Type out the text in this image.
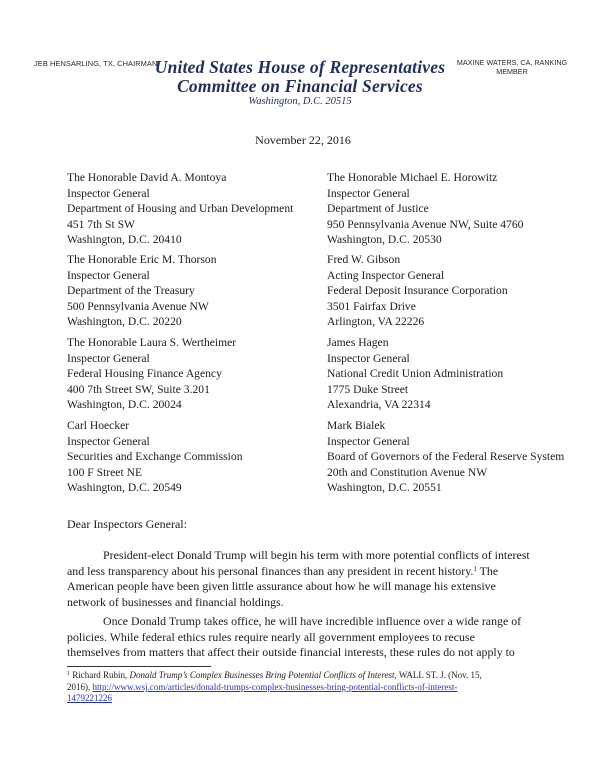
JEB HENSARLING, TX, CHAIRMAN	MAXINE WATERS, CA, RANKING
MEMBER
United States House of Representatives
Committee on Financial Services
Washington, D.C. 20515
November 22, 2016
The Honorable David A. Montoya
Inspector General
Department of Housing and Urban Development
451 7th St SW
Washington, D.C. 20410
The Honorable Michael E. Horowitz
Inspector General
Department of Justice
950 Pennsylvania Avenue NW, Suite 4760
Washington, D.C. 20530
The Honorable Eric M. Thorson
Inspector General
Department of the Treasury
500 Pennsylvania Avenue NW
Washington, D.C. 20220
Fred W. Gibson
Acting Inspector General
Federal Deposit Insurance Corporation
3501 Fairfax Drive
Arlington, VA 22226
The Honorable Laura S. Wertheimer
Inspector General
Federal Housing Finance Agency
400 7th Street SW, Suite 3.201
Washington, D.C. 20024
James Hagen
Inspector General
National Credit Union Administration
1775 Duke Street
Alexandria, VA 22314
Carl Hoecker
Inspector General
Securities and Exchange Commission
100 F Street NE
Washington, D.C. 20549
Mark Bialek
Inspector General
Board of Governors of the Federal Reserve System
20th and Constitution Avenue NW
Washington, D.C. 20551
Dear Inspectors General:
President-elect Donald Trump will begin his term with more potential conflicts of interest
and less transparency about his personal finances than any president in recent history.$^1$ The
American people have been given little assurance about how he will manage his extensive
network of businesses and financial holdings.
Once Donald Trump takes office, he will have incredible influence over a wide range of
policies. While federal ethics rules require nearly all government employees to recuse
themselves from matters that affect their outside financial interests, these rules do not apply to
$^1$ Richard Rubin, Donald Trump’s Complex Businesses Bring Potential Conflicts of Interest, WALL ST. J. (Nov. 15,
2016), http://www.wsj.com/articles/donald-trumps-complex-businesses-bring-potential-conflicts-of-interest-
1479221226
